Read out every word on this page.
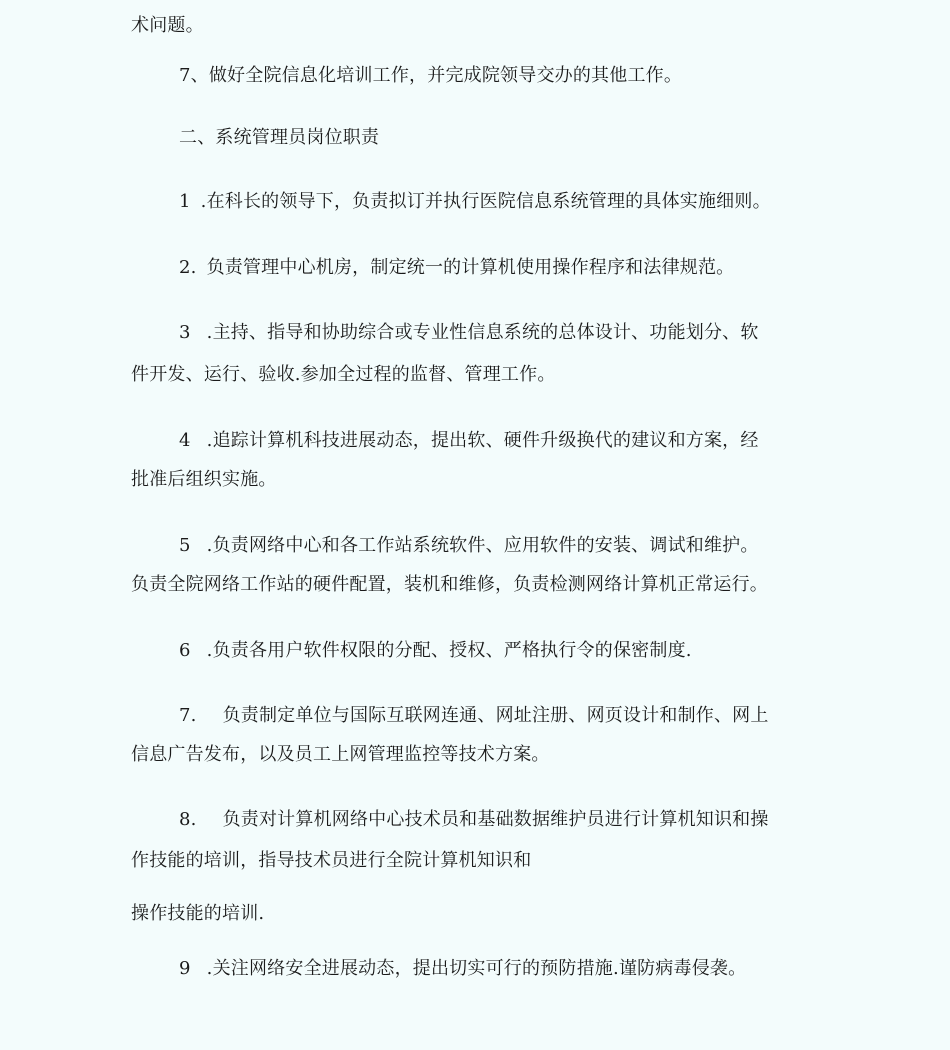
术问题。
7、做好全院信息化培训工作，并完成院领导交办的其他工作。
二、系统管理员岗位职责
1 .在科长的领导下，负责拟订并执行医院信息系统管理的具体实施细则。
2. 负责管理中心机房，制定统一的计算机使用操作程序和法律规范。
3 .主持、指导和协助综合或专业性信息系统的总体设计、功能划分、软
件开发、运行、验收.参加全过程的监督、管理工作。
4 .追踪计算机科技进展动态，提出软、硬件升级换代的建议和方案，经
批准后组织实施。
5 .负责网络中心和各工作站系统软件、应用软件的安装、调试和维护。
负责全院网络工作站的硬件配置，装机和维修，负责检测网络计算机正常运行。
6 .负责各用户软件权限的分配、授权、严格执行令的保密制度.
7. 负责制定单位与国际互联网连通、网址注册、网页设计和制作、网上
信息广告发布，以及员工上网管理监控等技术方案。
8. 负责对计算机网络中心技术员和基础数据维护员进行计算机知识和操
作技能的培训，指导技术员进行全院计算机知识和
操作技能的培训.
9 .关注网络安全进展动态，提出切实可行的预防措施.谨防病毒侵袭。
